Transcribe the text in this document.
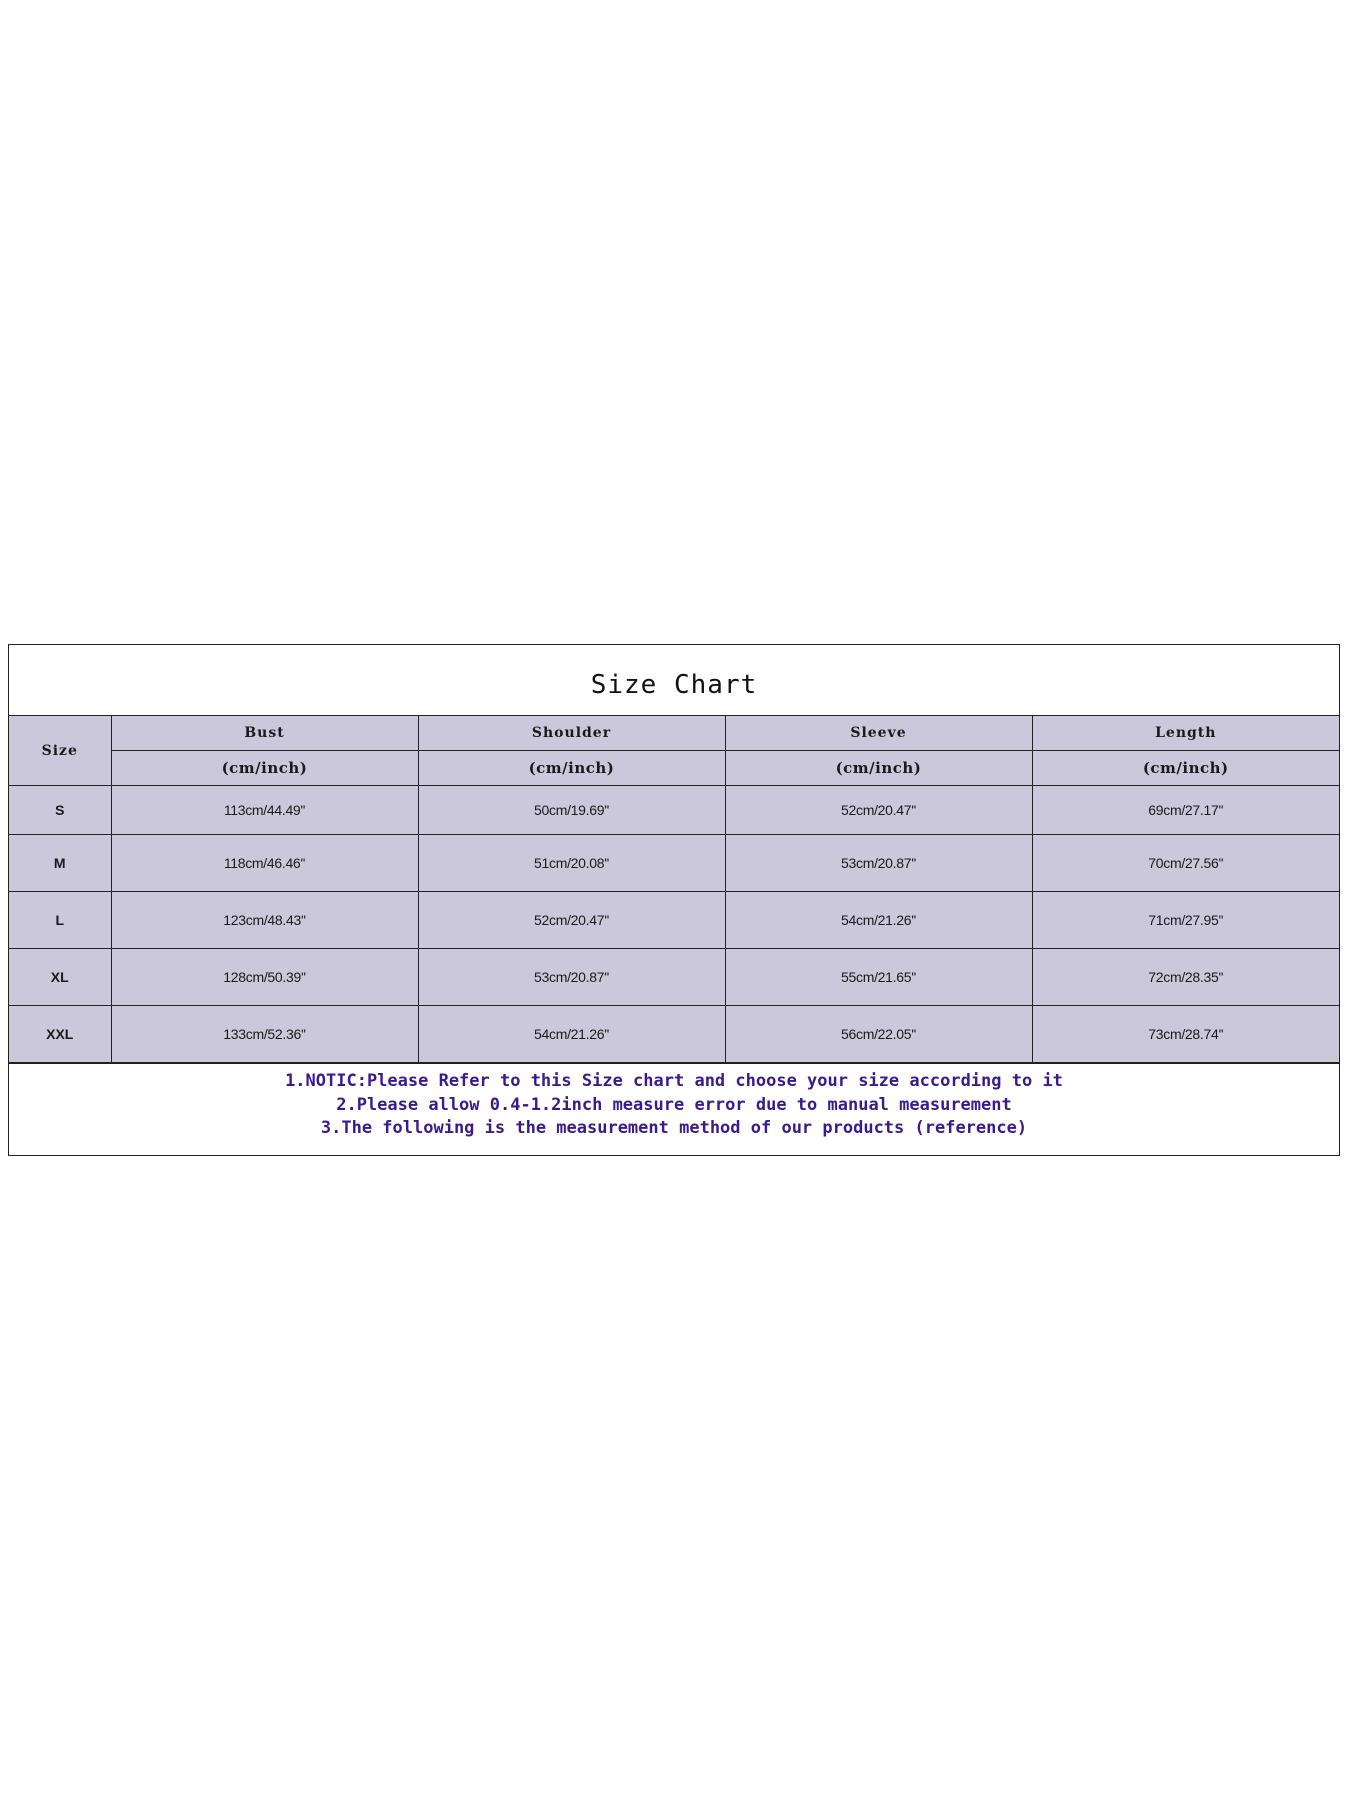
Size Chart
Size	Bust	Shoulder	Sleeve	Length
	(cm/inch)	(cm/inch)	(cm/inch)	(cm/inch)
S	113cm/44.49''	50cm/19.69''	52cm/20.47''	69cm/27.17''
M	118cm/46.46''	51cm/20.08''	53cm/20.87''	70cm/27.56''
L	123cm/48.43''	52cm/20.47''	54cm/21.26''	71cm/27.95''
XL	128cm/50.39''	53cm/20.87''	55cm/21.65''	72cm/28.35''
XXL	133cm/52.36''	54cm/21.26''	56cm/22.05''	73cm/28.74''
1.NOTIC:Please Refer to this Size chart and choose your size according to it
2.Please allow 0.4-1.2inch measure error due to manual measurement
3.The following is the measurement method of our products (reference)
